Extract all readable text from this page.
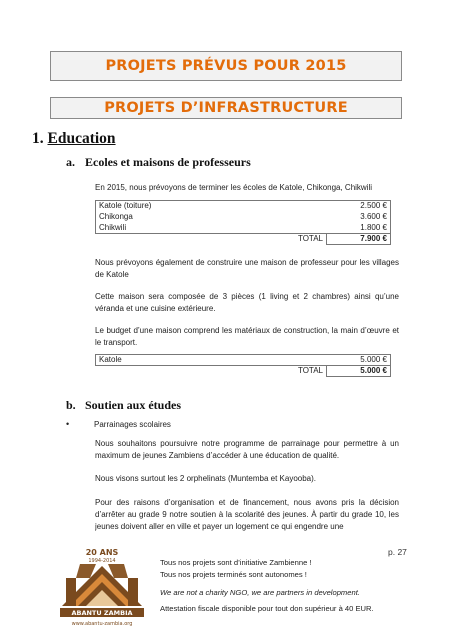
PROJETS PRÉVUS POUR 2015
PROJETS D’INFRASTRUCTURE
1. Education
a. Ecoles et maisons de professeurs
En 2015, nous prévoyons de terminer les écoles de Katole, Chikonga, Chikwili
Katole (toiture)		2.500 €
Chikonga		3.600 €
Chikwili		1.800 €
	TOTAL	7.900 €
Nous prévoyons également de construire une maison de professeur pour les villages de Katole
Cette maison sera composée de 3 pièces (1 living et 2 chambres) ainsi qu’une véranda et une cuisine extérieure.
Le budget d’une maison comprend les matériaux de construction, la main d’œuvre et le transport.
Katole		5.000 €
	TOTAL	5.000 €
b. Soutien aux études
•	Parrainages scolaires
Nous souhaitons poursuivre notre programme de parrainage pour permettre à un maximum de jeunes Zambiens d’accéder à une éducation de qualité.
Nous visons surtout les 2 orphelinats (Muntemba et Kayooba).
Pour des raisons d’organisation et de financement, nous avons pris la décision d’arrêter au grade 9 notre soutien à la scolarité des jeunes. À partir du grade 10, les jeunes doivent aller en ville et payer un logement ce qui engendre une
p. 27
Tous nos projets sont d’initiative Zambienne !
Tous nos projets terminés sont autonomes !
We are not a charity NGO, we are partners in development.
Attestation fiscale disponible pour tout don supérieur à 40 EUR.
20 ANS
1994-2014
ABANTU ZAMBIA
www.abantu-zambia.org
